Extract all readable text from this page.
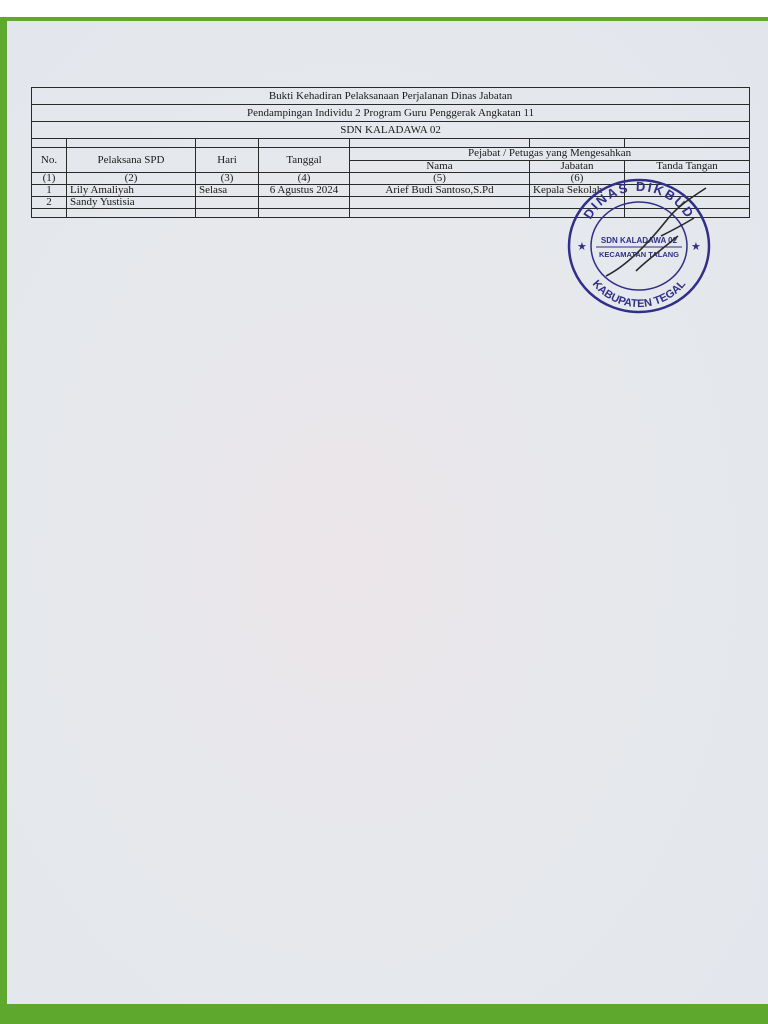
Bukti Kehadiran Pelaksanaan Perjalanan Dinas Jabatan						
Pendampingan Individu 2 Program Guru Penggerak Angkatan 11						
SDN KALADAWA 02						

No.	Pelaksana SPD	Hari	Tanggal	Pejabat / Petugas yang Mengesahkan		
				Nama	Jabatan	Tanda Tangan
(1)	(2)	(3)	(4)	(5)	(6)	
1	Lily Amaliyah	Selasa	6 Agustus 2024	Arief Budi Santoso,S.Pd	Kepala Sekolah	
2	Sandy Yustisia					

DINAS DIKBUD
KABUPATEN TEGAL
SDN KALADAWA 02
KECAMATAN TALANG
★	★
